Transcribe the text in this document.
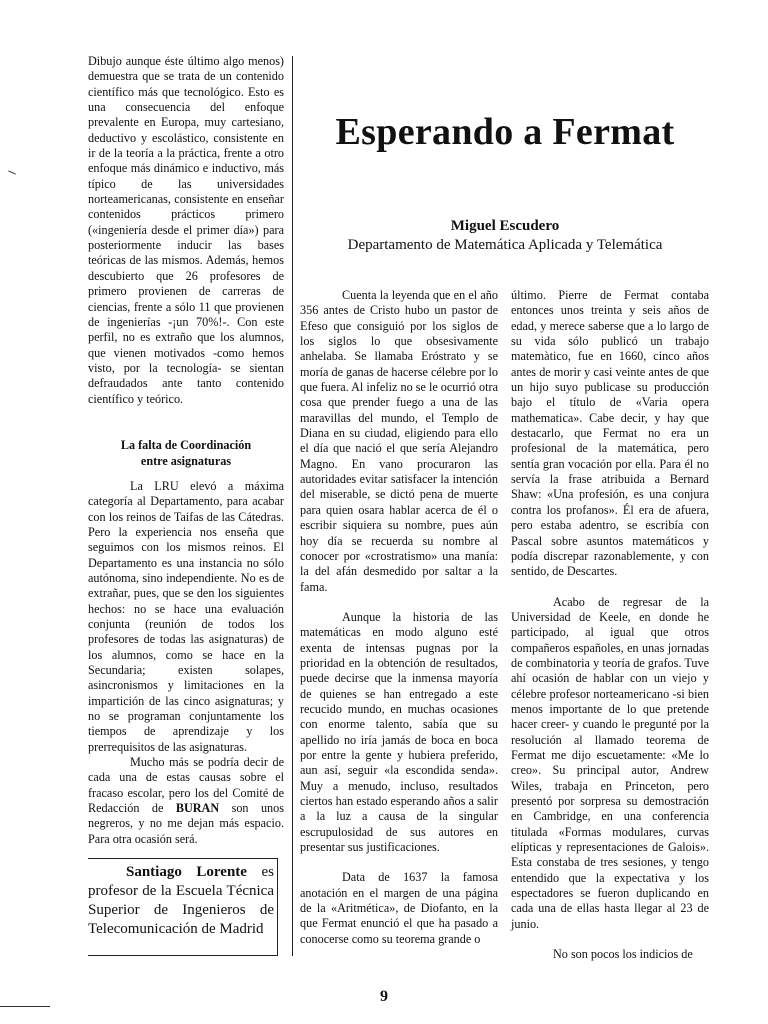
Dibujo aunque éste último algo menos) demuestra que se trata de un contenido científico más que tecnológico. Esto es una consecuencia del enfoque prevalente en Europa, muy cartesiano, deductivo y escolástico, consistente en ir de la teoría a la práctica, frente a otro enfoque más dinámico e inductivo, más típico de las universidades norteamericanas, consistente en enseñar contenidos prácticos primero («ingeniería desde el primer día») para posteriormente inducir las bases teóricas de las mismos. Además, hemos descubierto que 26 profesores de primero provienen de carreras de ciencias, frente a sólo 11 que provienen de ingenierías -¡un 70%!-. Con este perfil, no es extraño que los alumnos, que vienen motivados -como hemos visto, por la tecnología- se sientan defraudados ante tanto contenido científico y teórico.

La falta de Coordinación
entre asignaturas

La LRU elevó a máxima categoría al Departamento, para acabar con los reinos de Taifas de las Cátedras. Pero la experiencia nos enseña que seguimos con los mismos reinos. El Departamento es una instancia no sólo autónoma, sino independiente. No es de extrañar, pues, que se den los siguientes hechos: no se hace una evaluación conjunta (reunión de todos los profesores de todas las asignaturas) de los alumnos, como se hace en la Secundaria; existen solapes, asincronismos y limitaciones en la impartición de las cinco asignaturas; y no se programan conjuntamente los tiempos de aprendizaje y los prerrequisitos de las asignaturas.

Mucho más se podría decir de cada una de estas causas sobre el fracaso escolar, pero los del Comité de Redacción de BURAN son unos negreros, y no me dejan más espacio. Para otra ocasión será.

Santiago Lorente es profesor de la Escuela Técnica Superior de Ingenieros de Telecomunicación de Madrid
Esperando a Fermat
Miguel Escudero
Departamento de Matemática Aplicada y Telemática

Cuenta la leyenda que en el año 356 antes de Cristo hubo un pastor de Efeso que consiguió por los siglos de los siglos lo que obsesivamente anhelaba. Se llamaba Eróstrato y se moría de ganas de hacerse célebre por lo que fuera. Al infeliz no se le ocurrió otra cosa que prender fuego a una de las maravillas del mundo, el Templo de Diana en su ciudad, eligiendo para ello el día que nació el que sería Alejandro Magno. En vano procuraron las autoridades evitar satisfacer la intención del miserable, se dictó pena de muerte para quien osara hablar acerca de él o escribir siquiera su nombre, pues aún hoy día se recuerda su nombre al conocer por «crostratismo» una manía: la del afán desmedido por saltar a la fama.

Aunque la historia de las matemáticas en modo alguno esté exenta de intensas pugnas por la prioridad en la obtención de resultados, puede decirse que la inmensa mayoría de quienes se han entregado a este recucido mundo, en muchas ocasiones con enorme talento, sabía que su apellido no iría jamás de boca en boca por entre la gente y hubiera preferido, aun así, seguir «la escondida senda». Muy a menudo, incluso, resultados ciertos han estado esperando años a salir a la luz a causa de la singular escrupulosidad de sus autores en presentar sus justificaciones.

Data de 1637 la famosa anotación en el margen de una página de la «Aritmética», de Diofanto, en la que Fermat enunció el que ha pasado a conocerse como su teorema grande o

último. Pierre de Fermat contaba entonces unos treinta y seis años de edad, y merece saberse que a lo largo de su vida sólo publicó un trabajo matemàtico, fue en 1660, cinco años antes de morir y casi veinte antes de que un hijo suyo publicase su producción bajo el título de «Varia opera mathematica». Cabe decir, y hay que destacarlo, que Fermat no era un profesional de la matemática, pero sentía gran vocación por ella. Para él no servía la frase atribuida a Bernard Shaw: «Una profesión, es una conjura contra los profanos». Él era de afuera, pero estaba adentro, se escribía con Pascal sobre asuntos matemáticos y podía discrepar razonablemente, y con sentido, de Descartes.

Acabo de regresar de la Universidad de Keele, en donde he participado, al igual que otros compañeros españoles, en unas jornadas de combinatoria y teoría de grafos. Tuve ahí ocasión de hablar con un viejo y célebre profesor norteamericano -si bien menos importante de lo que pretende hacer creer- y cuando le pregunté por la resolución al llamado teorema de Fermat me dijo escuetamente: «Me lo creo». Su principal autor, Andrew Wiles, trabaja en Princeton, pero presentó por sorpresa su demostración en Cambridge, en una conferencia titulada «Formas modulares, curvas elípticas y representaciones de Galois». Esta constaba de tres sesiones, y tengo entendido que la expectativa y los espectadores se fueron duplicando en cada una de ellas hasta llegar al 23 de junio.

No son pocos los indicios de

9
